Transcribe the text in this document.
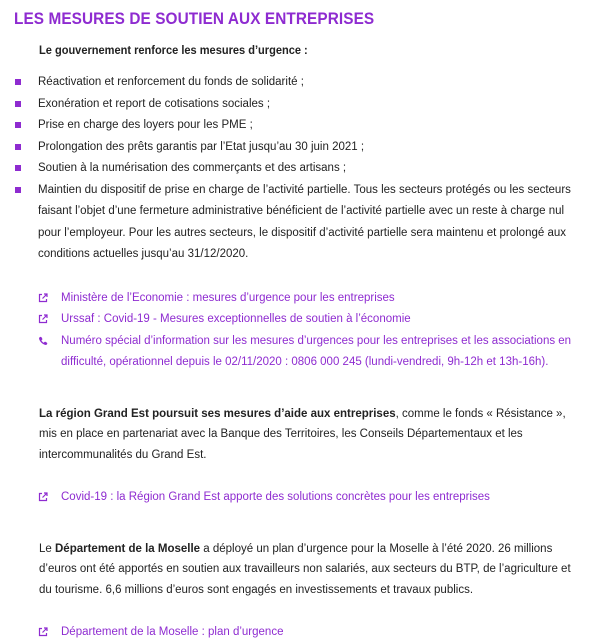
LES MESURES DE SOUTIEN AUX ENTREPRISES

Le gouvernement renforce les mesures d’urgence :

Réactivation et renforcement du fonds de solidarité ;
Exonération et report de cotisations sociales ;
Prise en charge des loyers pour les PME ;
Prolongation des prêts garantis par l’Etat jusqu’au 30 juin 2021 ;
Soutien à la numérisation des commerçants et des artisans ;
Maintien du dispositif de prise en charge de l’activité partielle. Tous les secteurs protégés ou les secteurs faisant l’objet d’une fermeture administrative bénéficient de l’activité partielle avec un reste à charge nul pour l’employeur. Pour les autres secteurs, le dispositif d’activité partielle sera maintenu et prolongé aux conditions actuelles jusqu’au 31/12/2020.
Ministère de l’Economie : mesures d’urgence pour les entreprises
Urssaf : Covid-19 - Mesures exceptionnelles de soutien à l’économie
Numéro spécial d’information sur les mesures d’urgences pour les entreprises et les associations en difficulté, opérationnel depuis le 02/11/2020 : 0806 000 245 (lundi-vendredi, 9h-12h et 13h-16h).

La région Grand Est poursuit ses mesures d’aide aux entreprises, comme le fonds « Résistance », mis en place en partenariat avec la Banque des Territoires, les Conseils Départementaux et les intercommunalités du Grand Est.

Covid-19 : la Région Grand Est apporte des solutions concrètes pour les entreprises

Le Département de la Moselle a déployé un plan d’urgence pour la Moselle à l’été 2020. 26 millions d’euros ont été apportés en soutien aux travailleurs non salariés, aux secteurs du BTP, de l’agriculture et du tourisme. 6,6 millions d’euros sont engagés en investissements et travaux publics.

Département de la Moselle : plan d’urgence
